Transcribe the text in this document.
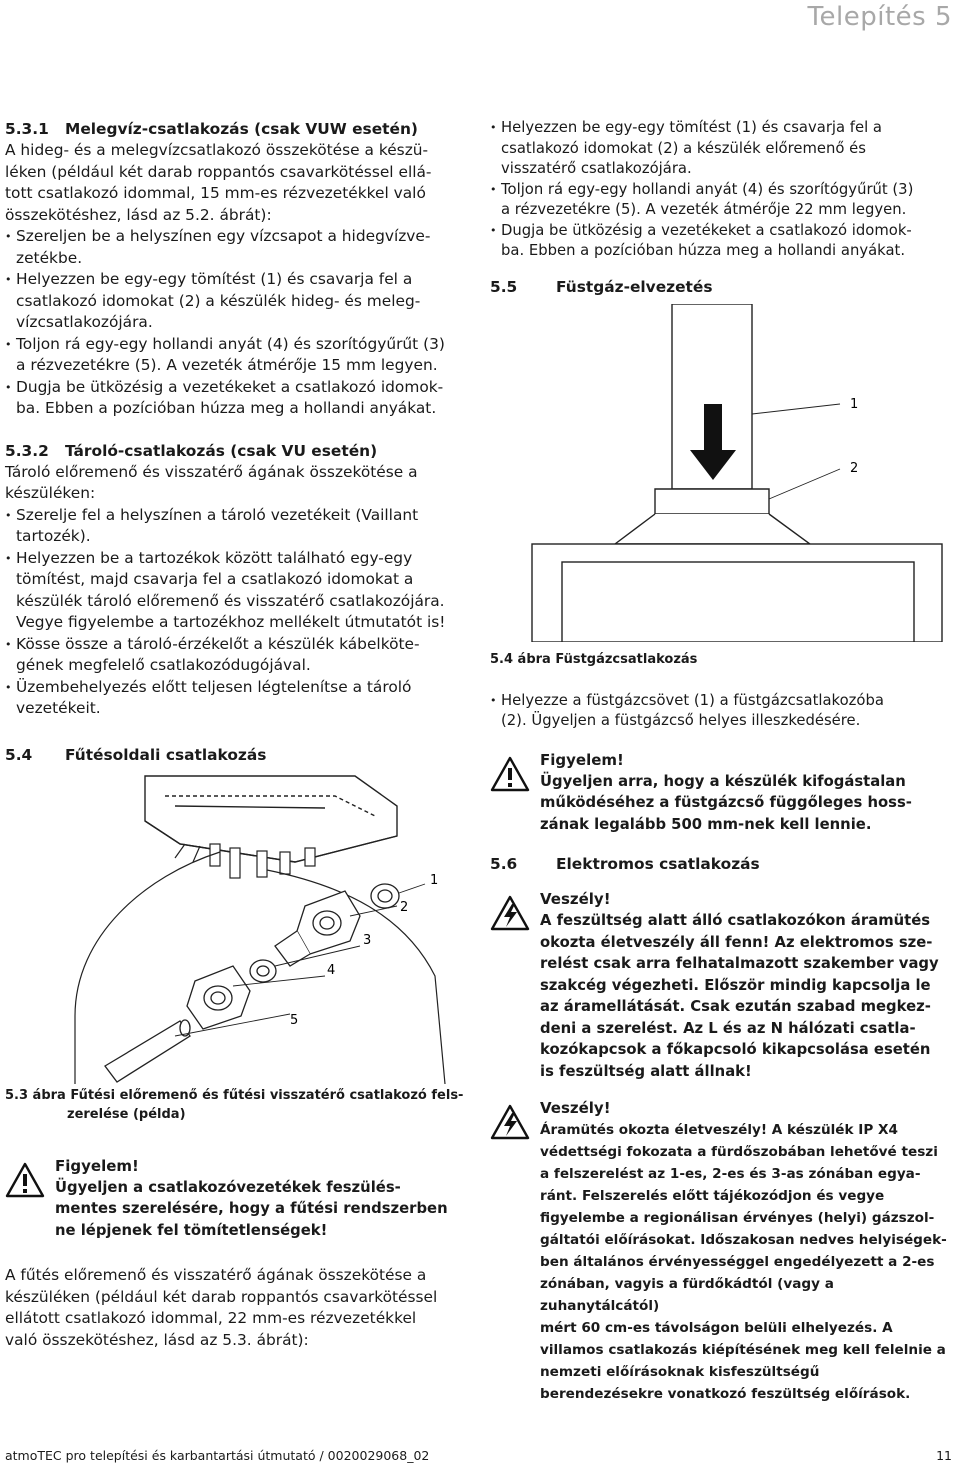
Telepítés 5
5.3.1 Melegvíz-csatlakozás (csak VUW esetén)

A hideg- és a melegvízcsatlakozó összekötése a készü-

léken (például két darab roppantós csavarkötéssel ellá-

tott csatlakozó idommal, 15 mm-es rézvezetékkel való

összekötéshez, lásd az 5.2. ábrát):

• Szereljen be a helyszínen egy vízcsapot a hidegvízve-

zetékbe.

• Helyezzen be egy-egy tömítést (1) és csavarja fel a

csatlakozó idomokat (2) a készülék hideg- és meleg-

vízcsatlakozójára.

• Toljon rá egy-egy hollandi anyát (4) és szorítógyűrűt (3)

a rézvezetékre (5). A vezeték átmérője 15 mm legyen.

• Dugja be ütközésig a vezetékeket a csatlakozó idomok-

ba. Ebben a pozícióban húzza meg a hollandi anyákat.

5.3.2 Tároló-csatlakozás (csak VU esetén)

Tároló előremenő és visszatérő ágának összekötése a

készüléken:

• Szerelje fel a helyszínen a tároló vezetékeit (Vaillant

tartozék).

• Helyezzen be a tartozékok között található egy-egy

tömítést, majd csavarja fel a csatlakozó idomokat a

készülék tároló előremenő és visszatérő csatlakozójára.

Vegye figyelembe a tartozékhoz mellékelt útmutatót is!

• Kösse össze a tároló-érzékelőt a készülék kábelköte-

gének megfelelő csatlakozódugójával.

• Üzembehelyezés előtt teljesen légtelenítse a tároló

vezetékeit.

5.4 Fűtésoldali csatlakozás
1
2
3
4
5
5.3 ábra Fűtési előremenő és fűtési visszatérő csatlakozó fels-
zerelése (példa)
Figyelem!
Ügyeljen a csatlakozóvezetékek feszülés-
mentes szerelésére, hogy a fűtési rendszerben
ne lépjenek fel tömítetlenségek!

A fűtés előremenő és visszatérő ágának összekötése a

készüléken (például két darab roppantós csavarkötéssel

ellátott csatlakozó idommal, 22 mm-es rézvezetékkel

való összekötéshez, lásd az 5.3. ábrát):

• Helyezzen be egy-egy tömítést (1) és csavarja fel a

csatlakozó idomokat (2) a készülék előremenő és

visszatérő csatlakozójára.

• Toljon rá egy-egy hollandi anyát (4) és szorítógyűrűt (3)

a rézvezetékre (5). A vezeték átmérője 22 mm legyen.

• Dugja be ütközésig a vezetékeket a csatlakozó idomok-

ba. Ebben a pozícióban húzza meg a hollandi anyákat.

5.5	Füstgáz-elvezetés
1
2
5.4 ábra Füstgázcsatlakozás

• Helyezze a füstgázcsövet (1) a füstgázcsatlakozóba

(2). Ügyeljen a füstgázcső helyes illeszkedésére.

Figyelem!
Ügyeljen arra, hogy a készülék kifogástalan
működéséhez a füstgázcső függőleges hoss-
zának legalább 500 mm-nek kell lennie.
5.6	Elektromos csatlakozás
Veszély!
A feszültség alatt álló csatlakozókon áramütés
okozta életveszély áll fenn! Az elektromos sze-
relést csak arra felhatalmazott szakember vagy
szakcég végezheti. Először mindig kapcsolja le
az áramellátását. Csak ezután szabad megkez-
deni a szerelést. Az L és az N hálózati csatla-
kozókapcsok a főkapcsoló kikapcsolása esetén
is feszültség alatt állnak!
Veszély!
Áramütés okozta életveszély! A készülék IP X4
védettségi fokozata a fürdőszobában lehetővé teszi
a felszerelést az 1-es, 2-es és 3-as zónában egya-
ránt. Felszerelés előtt tájékozódjon és vegye
figyelembe a regionálisan érvényes (helyi) gázszol-
gáltatói előírásokat. Időszakosan nedves helyiségek-
ben általános érvényességgel engedélyezett a 2-es
zónában, vagyis a fürdőkádtól (vagy a zuhanytálcától)
mért 60 cm-es távolságon belüli elhelyezés. A
villamos csatlakozás kiépítésének meg kell felelnie a
nemzeti előírásoknak kisfeszültségű
berendezésekre vonatkozó feszültség előírások.
atmoTEC pro telepítési és karbantartási útmutató / 0020029068_02	11
